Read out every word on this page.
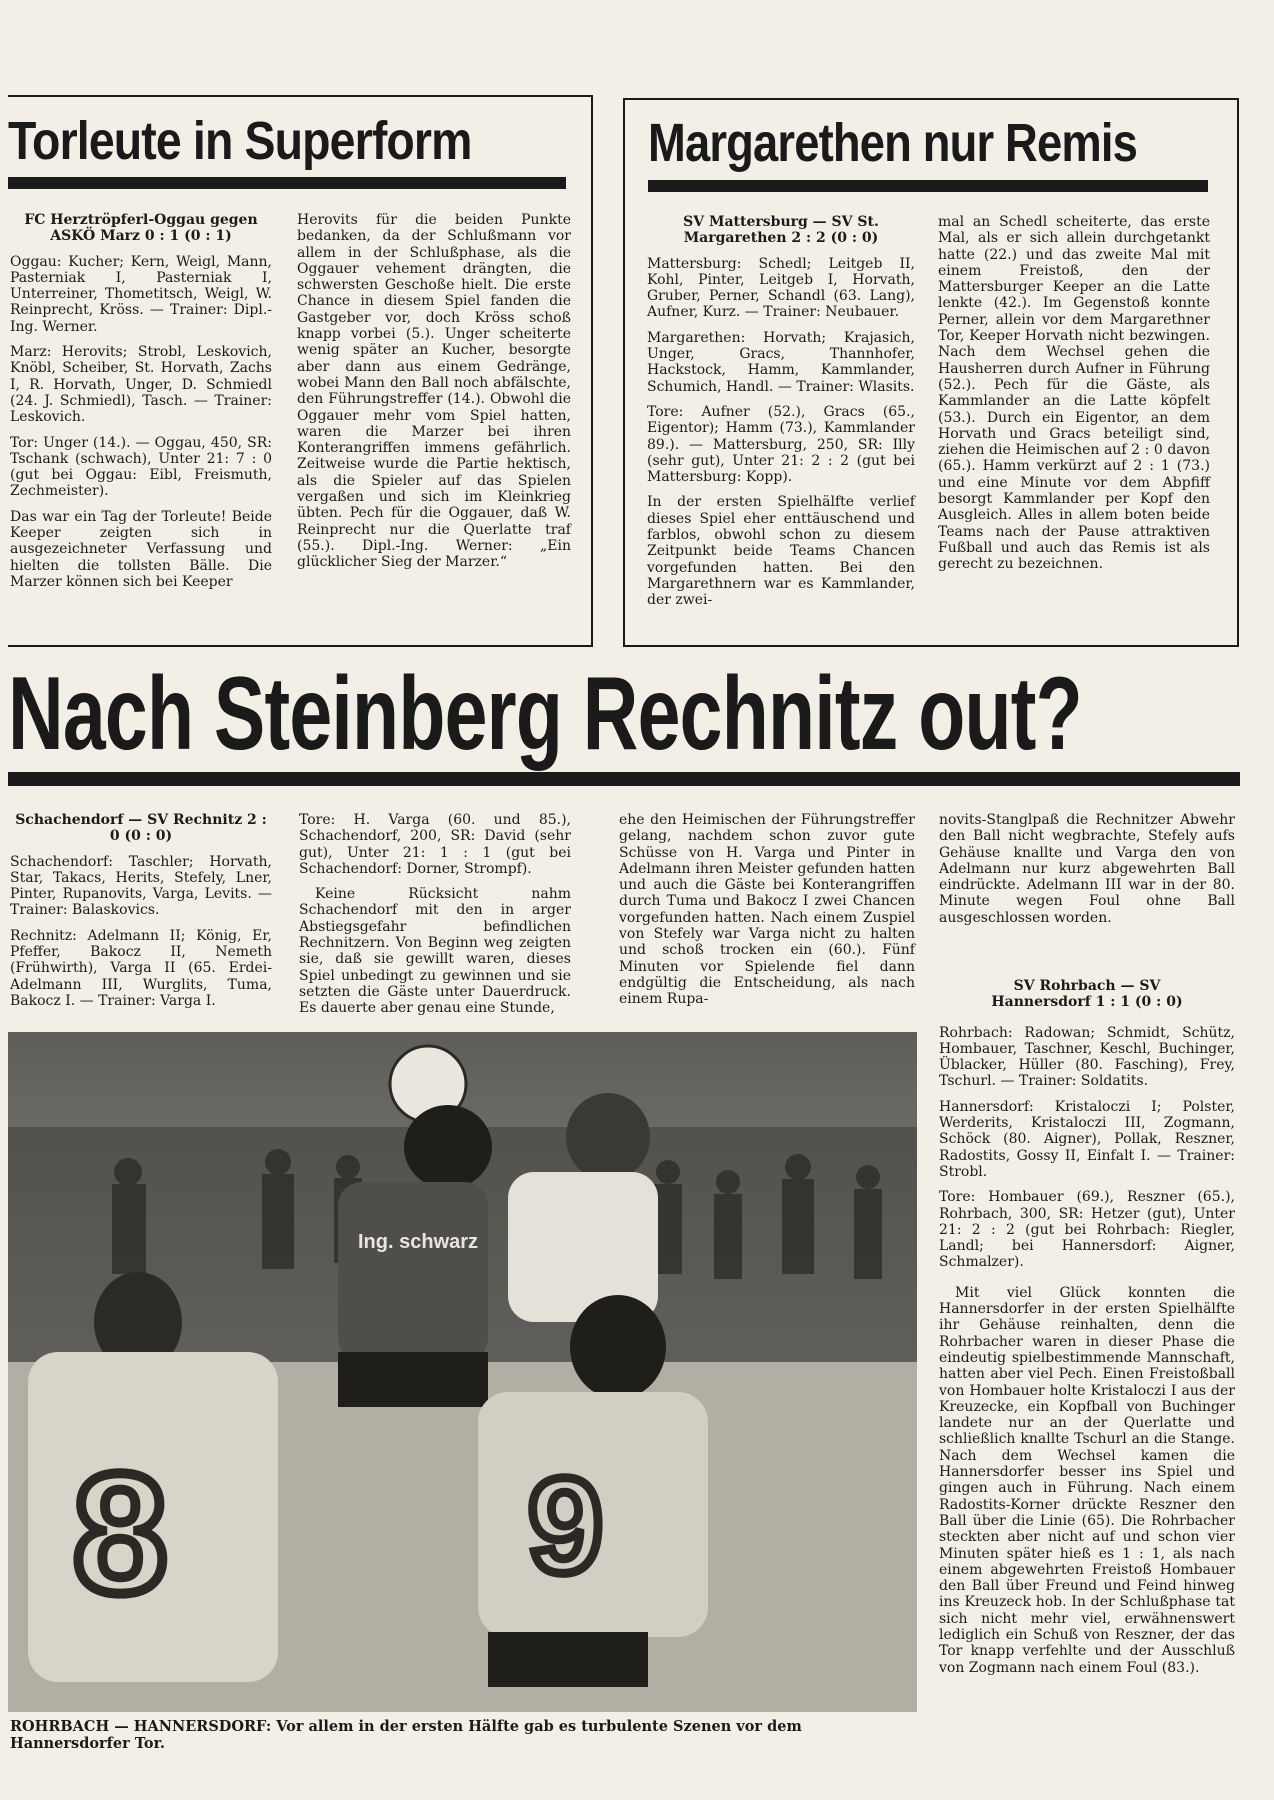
Torleute in Superform

FC Herztröpferl-Oggau gegen ASKÖ Marz 0 : 1 (0 : 1)

Oggau: Kucher; Kern, Weigl, Mann, Pasterniak I, Pasterniak I, Unterreiner, Thometitsch, Weigl, W. Reinprecht, Kröss. — Trainer: Dipl.-Ing. Werner.

Marz: Herovits; Strobl, Leskovich, Knöbl, Scheiber, St. Horvath, Zachs I, R. Horvath, Unger, D. Schmiedl (24. J. Schmiedl), Tasch. — Trainer: Leskovich.

Tor: Unger (14.). — Oggau, 450, SR: Tschank (schwach), Unter 21: 7 : 0 (gut bei Oggau: Eibl, Freismuth, Zechmeister).

Das war ein Tag der Torleute! Beide Keeper zeigten sich in ausgezeichneter Verfassung und hielten die tollsten Bälle. Die Marzer können sich bei Keeper

Herovits für die beiden Punkte bedanken, da der Schlußmann vor allem in der Schlußphase, als die Oggauer vehement drängten, die schwersten Geschoße hielt. Die erste Chance in diesem Spiel fanden die Gastgeber vor, doch Kröss schoß knapp vorbei (5.). Unger scheiterte wenig später an Kucher, besorgte aber dann aus einem Gedränge, wobei Mann den Ball noch abfälschte, den Führungstreffer (14.). Obwohl die Oggauer mehr vom Spiel hatten, waren die Marzer bei ihren Konterangriffen immens gefährlich. Zeitweise wurde die Partie hektisch, als die Spieler auf das Spielen vergaßen und sich im Kleinkrieg übten. Pech für die Oggauer, daß W. Reinprecht nur die Querlatte traf (55.). Dipl.-Ing. Werner: „Ein glücklicher Sieg der Marzer.“

Margarethen nur Remis

SV Mattersburg — SV St. Margarethen 2 : 2 (0 : 0)

Mattersburg: Schedl; Leitgeb II, Kohl, Pinter, Leitgeb I, Horvath, Gruber, Perner, Schandl (63. Lang), Aufner, Kurz. — Trainer: Neubauer.

Margarethen: Horvath; Krajasich, Unger, Gracs, Thannhofer, Hackstock, Hamm, Kammlander, Schumich, Handl. — Trainer: Wlasits.

Tore: Aufner (52.), Gracs (65., Eigentor); Hamm (73.), Kammlander 89.). — Mattersburg, 250, SR: Illy (sehr gut), Unter 21: 2 : 2 (gut bei Mattersburg: Kopp).

In der ersten Spielhälfte verlief dieses Spiel eher enttäuschend und farblos, obwohl schon zu diesem Zeitpunkt beide Teams Chancen vorgefunden hatten. Bei den Margarethnern war es Kammlander, der zwei-

mal an Schedl scheiterte, das erste Mal, als er sich allein durchgetankt hatte (22.) und das zweite Mal mit einem Freistoß, den der Mattersburger Keeper an die Latte lenkte (42.). Im Gegenstoß konnte Perner, allein vor dem Margarethner Tor, Keeper Horvath nicht bezwingen. Nach dem Wechsel gehen die Hausherren durch Aufner in Führung (52.). Pech für die Gäste, als Kammlander an die Latte köpfelt (53.). Durch ein Eigentor, an dem Horvath und Gracs beteiligt sind, ziehen die Heimischen auf 2 : 0 davon (65.). Hamm verkürzt auf 2 : 1 (73.) und eine Minute vor dem Abpfiff besorgt Kammlander per Kopf den Ausgleich. Alles in allem boten beide Teams nach der Pause attraktiven Fußball und auch das Remis ist als gerecht zu bezeichnen.

Nach Steinberg Rechnitz out?

Schachendorf — SV Rechnitz 2 : 0 (0 : 0)

Schachendorf: Taschler; Horvath, Star, Takacs, Herits, Stefely, Lner, Pinter, Rupanovits, Varga, Levits. — Trainer: Balaskovics.

Rechnitz: Adelmann II; König, Er, Pfeffer, Bakocz II, Nemeth (Frühwirth), Varga II (65. Erdei-Adelmann III, Wurglits, Tuma, Bakocz I. — Trainer: Varga I.

Tore: H. Varga (60. und 85.), Schachendorf, 200, SR: David (sehr gut), Unter 21: 1 : 1 (gut bei Schachendorf: Dorner, Strompf).

Keine Rücksicht nahm Schachendorf mit den in arger Abstiegsgefahr befindlichen Rechnitzern. Von Beginn weg zeigten sie, daß sie gewillt waren, dieses Spiel unbedingt zu gewinnen und sie setzten die Gäste unter Dauerdruck. Es dauerte aber genau eine Stunde,

ehe den Heimischen der Führungstreffer gelang, nachdem schon zuvor gute Schüsse von H. Varga und Pinter in Adelmann ihren Meister gefunden hatten und auch die Gäste bei Konterangriffen durch Tuma und Bakocz I zwei Chancen vorgefunden hatten. Nach einem Zuspiel von Stefely war Varga nicht zu halten und schoß trocken ein (60.). Fünf Minuten vor Spielende fiel dann endgültig die Entscheidung, als nach einem Rupa-

novits-Stanglpaß die Rechnitzer Abwehr den Ball nicht wegbrachte, Stefely aufs Gehäuse knallte und Varga den von Adelmann nur kurz abgewehrten Ball eindrückte. Adelmann III war in der 80. Minute wegen Foul ohne Ball ausgeschlossen worden.

SV Rohrbach — SV Hannersdorf 1 : 1 (0 : 0)

Rohrbach: Radowan; Schmidt, Schütz, Hombauer, Taschner, Keschl, Buchinger, Üblacker, Hüller (80. Fasching), Frey, Tschurl. — Trainer: Soldatits.

Hannersdorf: Kristaloczi I; Polster, Werderits, Kristaloczi III, Zogmann, Schöck (80. Aigner), Pollak, Reszner, Radostits, Gossy II, Einfalt I. — Trainer: Strobl.

Tore: Hombauer (69.), Reszner (65.), Rohrbach, 300, SR: Hetzer (gut), Unter 21: 2 : 2 (gut bei Rohrbach: Riegler, Landl; bei Hannersdorf: Aigner, Schmalzer).

Mit viel Glück konnten die Hannersdorfer in der ersten Spielhälfte ihr Gehäuse reinhalten, denn die Rohrbacher waren in dieser Phase die eindeutig spielbestimmende Mannschaft, hatten aber viel Pech. Einen Freistoßball von Hombauer holte Kristaloczi I aus der Kreuzecke, ein Kopfball von Buchinger landete nur an der Querlatte und schließlich knallte Tschurl an die Stange. Nach dem Wechsel kamen die Hannersdorfer besser ins Spiel und gingen auch in Führung. Nach einem Radostits-Korner drückte Reszner den Ball über die Linie (65). Die Rohrbacher steckten aber nicht auf und schon vier Minuten später hieß es 1 : 1, als nach einem abgewehrten Freistoß Hombauer den Ball über Freund und Feind hinweg ins Kreuzeck hob. In der Schlußphase tat sich nicht mehr viel, erwähnenswert lediglich ein Schuß von Reszner, der das Tor knapp verfehlte und der Ausschluß von Zogmann nach einem Foul (83.).

8
Ing. schwarz
9
ROHRBACH — HANNERSDORF: Vor allem in der ersten Hälfte gab es turbulente Szenen vor dem Hannersdorfer Tor.
